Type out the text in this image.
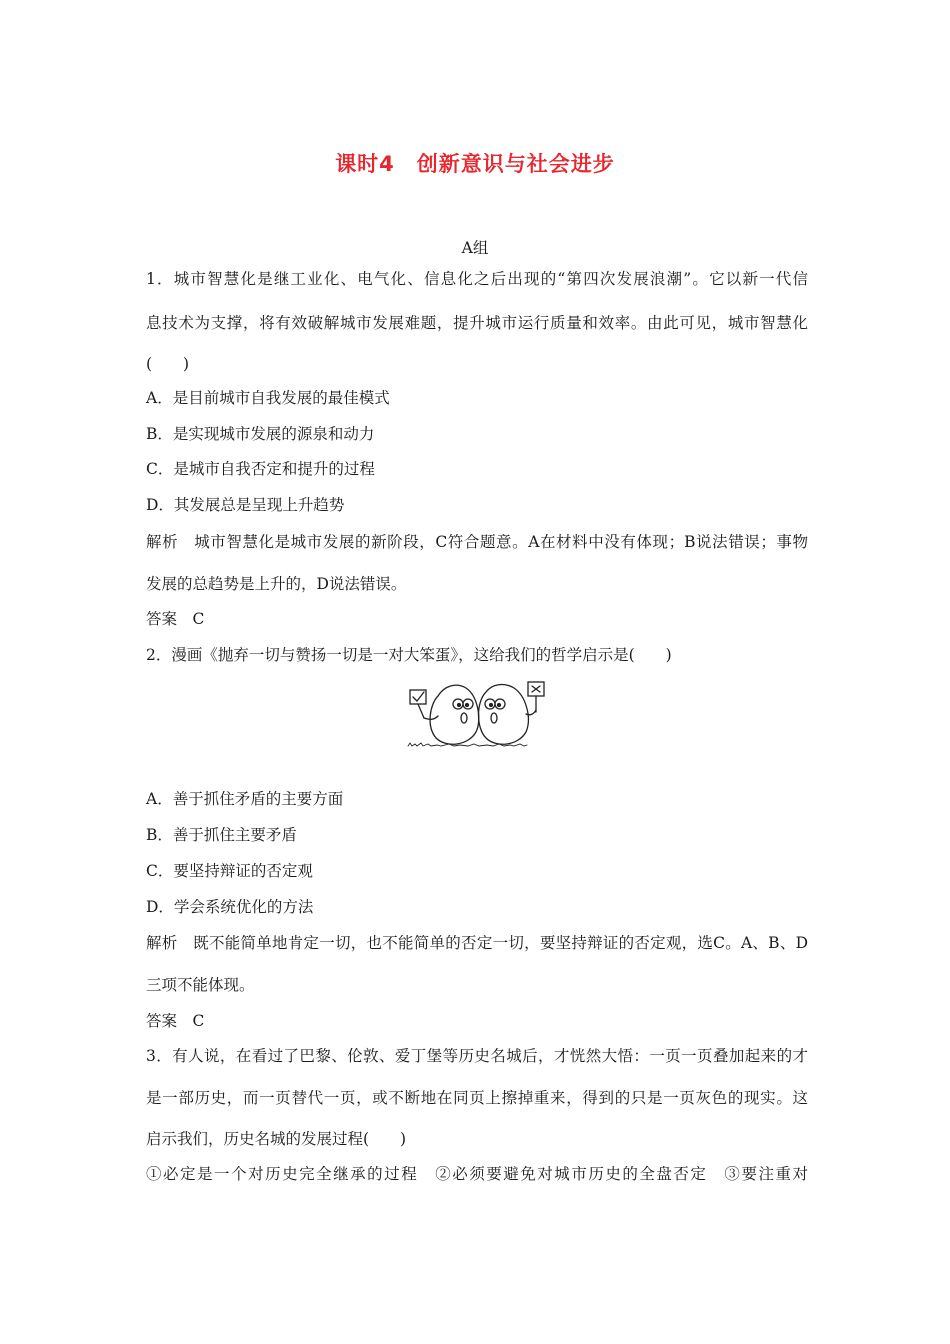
课时4　创新意识与社会进步
A组
1．城市智慧化是继工业化、电气化、信息化之后出现的“第四次发展浪潮”。它以新一代信
息技术为支撑，将有效破解城市发展难题，提升城市运行质量和效率。由此可见，城市智慧化
(　　)
A．是目前城市自我发展的最佳模式
B．是实现城市发展的源泉和动力
C．是城市自我否定和提升的过程
D．其发展总是呈现上升趋势
解析　城市智慧化是城市发展的新阶段，C符合题意。A在材料中没有体现；B说法错误；事物
发展的总趋势是上升的，D说法错误。
答案　C
2．漫画《抛弃一切与赞扬一切是一对大笨蛋》，这给我们的哲学启示是(　　)
A．善于抓住矛盾的主要方面
B．善于抓住主要矛盾
C．要坚持辩证的否定观
D．学会系统优化的方法
解析　既不能简单地肯定一切，也不能简单的否定一切，要坚持辩证的否定观，选C。A、B、D
三项不能体现。
答案　C
3．有人说，在看过了巴黎、伦敦、爱丁堡等历史名城后，才恍然大悟：一页一页叠加起来的才
是一部历史，而一页替代一页，或不断地在同页上擦掉重来，得到的只是一页灰色的现实。这
启示我们，历史名城的发展过程(　　)
①必定是一个对历史完全继承的过程　②必须要避免对城市历史的全盘否定　③要注重对
